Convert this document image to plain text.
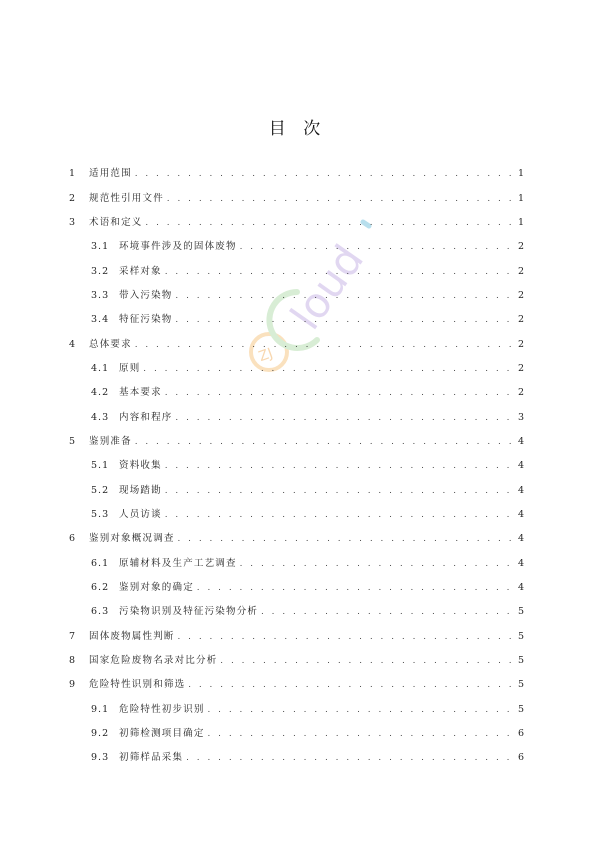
目 次
ZJ
loud
1 适用范围 . . .	1
2 规范性引用文件 . . .	1
3 术语和定义 . . .	1
3.1 环境事件涉及的固体废物 . . .	2
3.2 采样对象 . . .	2
3.3 带入污染物 . . .	2
3.4 特征污染物 . . .	2
4 总体要求 . . .	2
4.1 原则 . . .	2
4.2 基本要求 . . .	2
4.3 内容和程序 . . .	3
5 鉴别准备 . . .	4
5.1 资料收集 . . .	4
5.2 现场踏勘 . . .	4
5.3 人员访谈 . . .	4
6 鉴别对象概况调查 . . .	4
6.1 原辅材料及生产工艺调查 . . .	4
6.2 鉴别对象的确定 . . .	4
6.3 污染物识别及特征污染物分析 . . .	5
7 固体废物属性判断 . . .	5
8 国家危险废物名录对比分析 . . .	5
9 危险特性识别和筛选 . . .	5
9.1 危险特性初步识别 . . .	5
9.2 初筛检测项目确定 . . .	6
9.3 初筛样品采集 . . .	6
